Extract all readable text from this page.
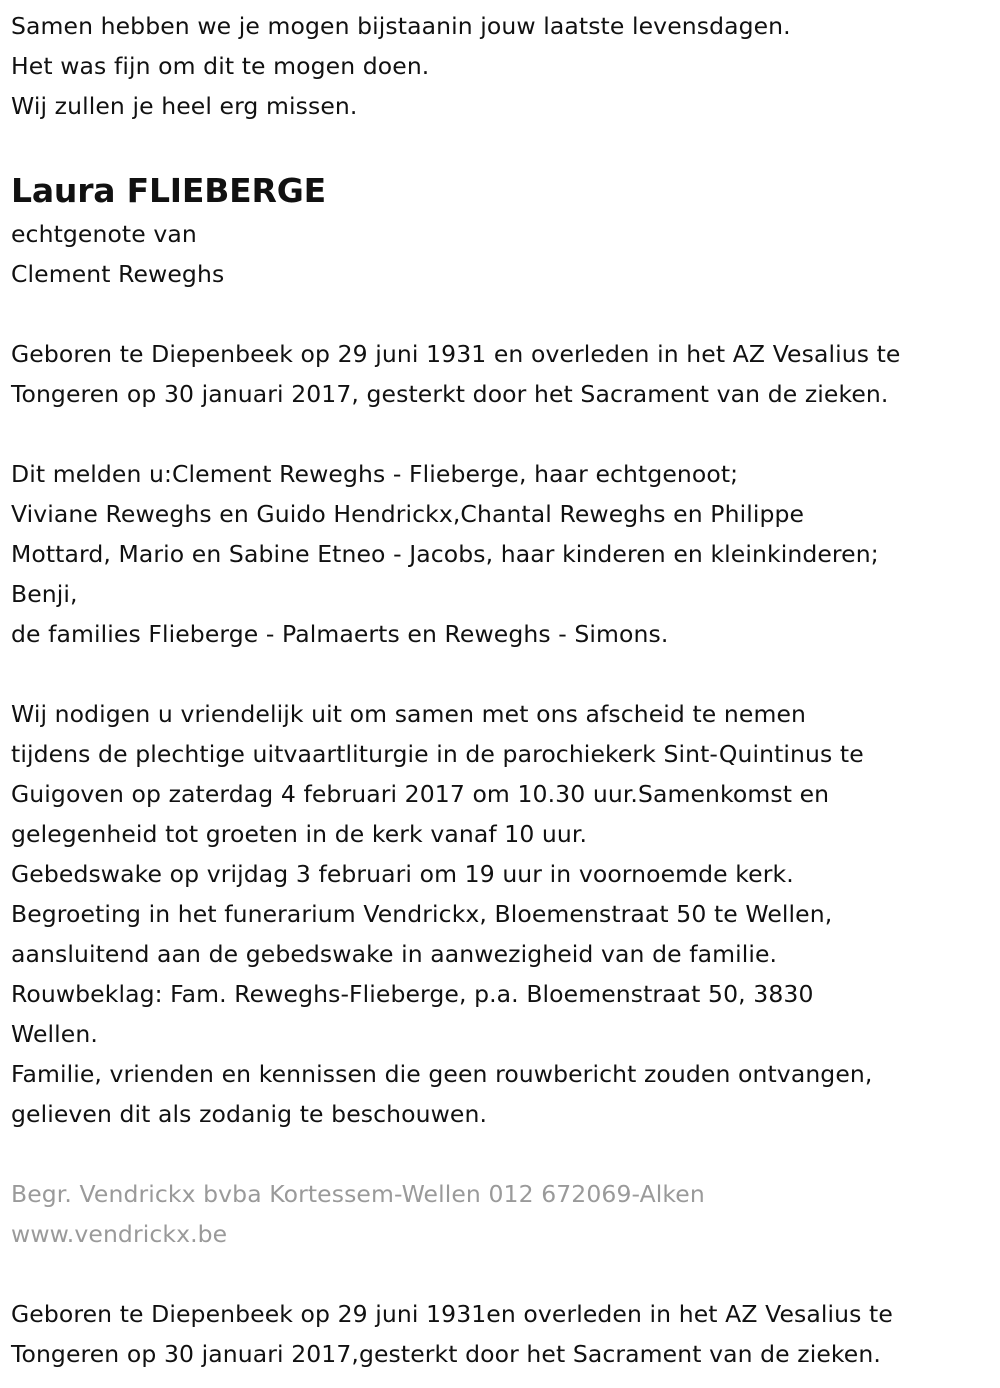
Samen hebben we je mogen bijstaanin jouw laatste levensdagen.
Het was fijn om dit te mogen doen.
Wij zullen je heel erg missen.
Laura FLIEBERGE
echtgenote van
Clement Reweghs
Geboren te Diepenbeek op 29 juni 1931 en overleden in het AZ Vesalius te
Tongeren op 30 januari 2017, gesterkt door het Sacrament van de zieken.
Dit melden u:Clement Reweghs - Flieberge, haar echtgenoot;
Viviane Reweghs en Guido Hendrickx,Chantal Reweghs en Philippe
Mottard, Mario en Sabine Etneo - Jacobs, haar kinderen en kleinkinderen;
Benji,
de families Flieberge - Palmaerts en Reweghs - Simons.
Wij nodigen u vriendelijk uit om samen met ons afscheid te nemen
tijdens de plechtige uitvaartliturgie in de parochiekerk Sint-Quintinus te
Guigoven op zaterdag 4 februari 2017 om 10.30 uur.Samenkomst en
gelegenheid tot groeten in de kerk vanaf 10 uur.
Gebedswake op vrijdag 3 februari om 19 uur in voornoemde kerk.
Begroeting in het funerarium Vendrickx, Bloemenstraat 50 te Wellen,
aansluitend aan de gebedswake in aanwezigheid van de familie.
Rouwbeklag: Fam. Reweghs-Flieberge, p.a. Bloemenstraat 50, 3830
Wellen.
Familie, vrienden en kennissen die geen rouwbericht zouden ontvangen,
gelieven dit als zodanig te beschouwen.
Begr. Vendrickx bvba Kortessem-Wellen 012 672069-Alken
www.vendrickx.be
Geboren te Diepenbeek op 29 juni 1931en overleden in het AZ Vesalius te
Tongeren op 30 januari 2017,gesterkt door het Sacrament van de zieken.
